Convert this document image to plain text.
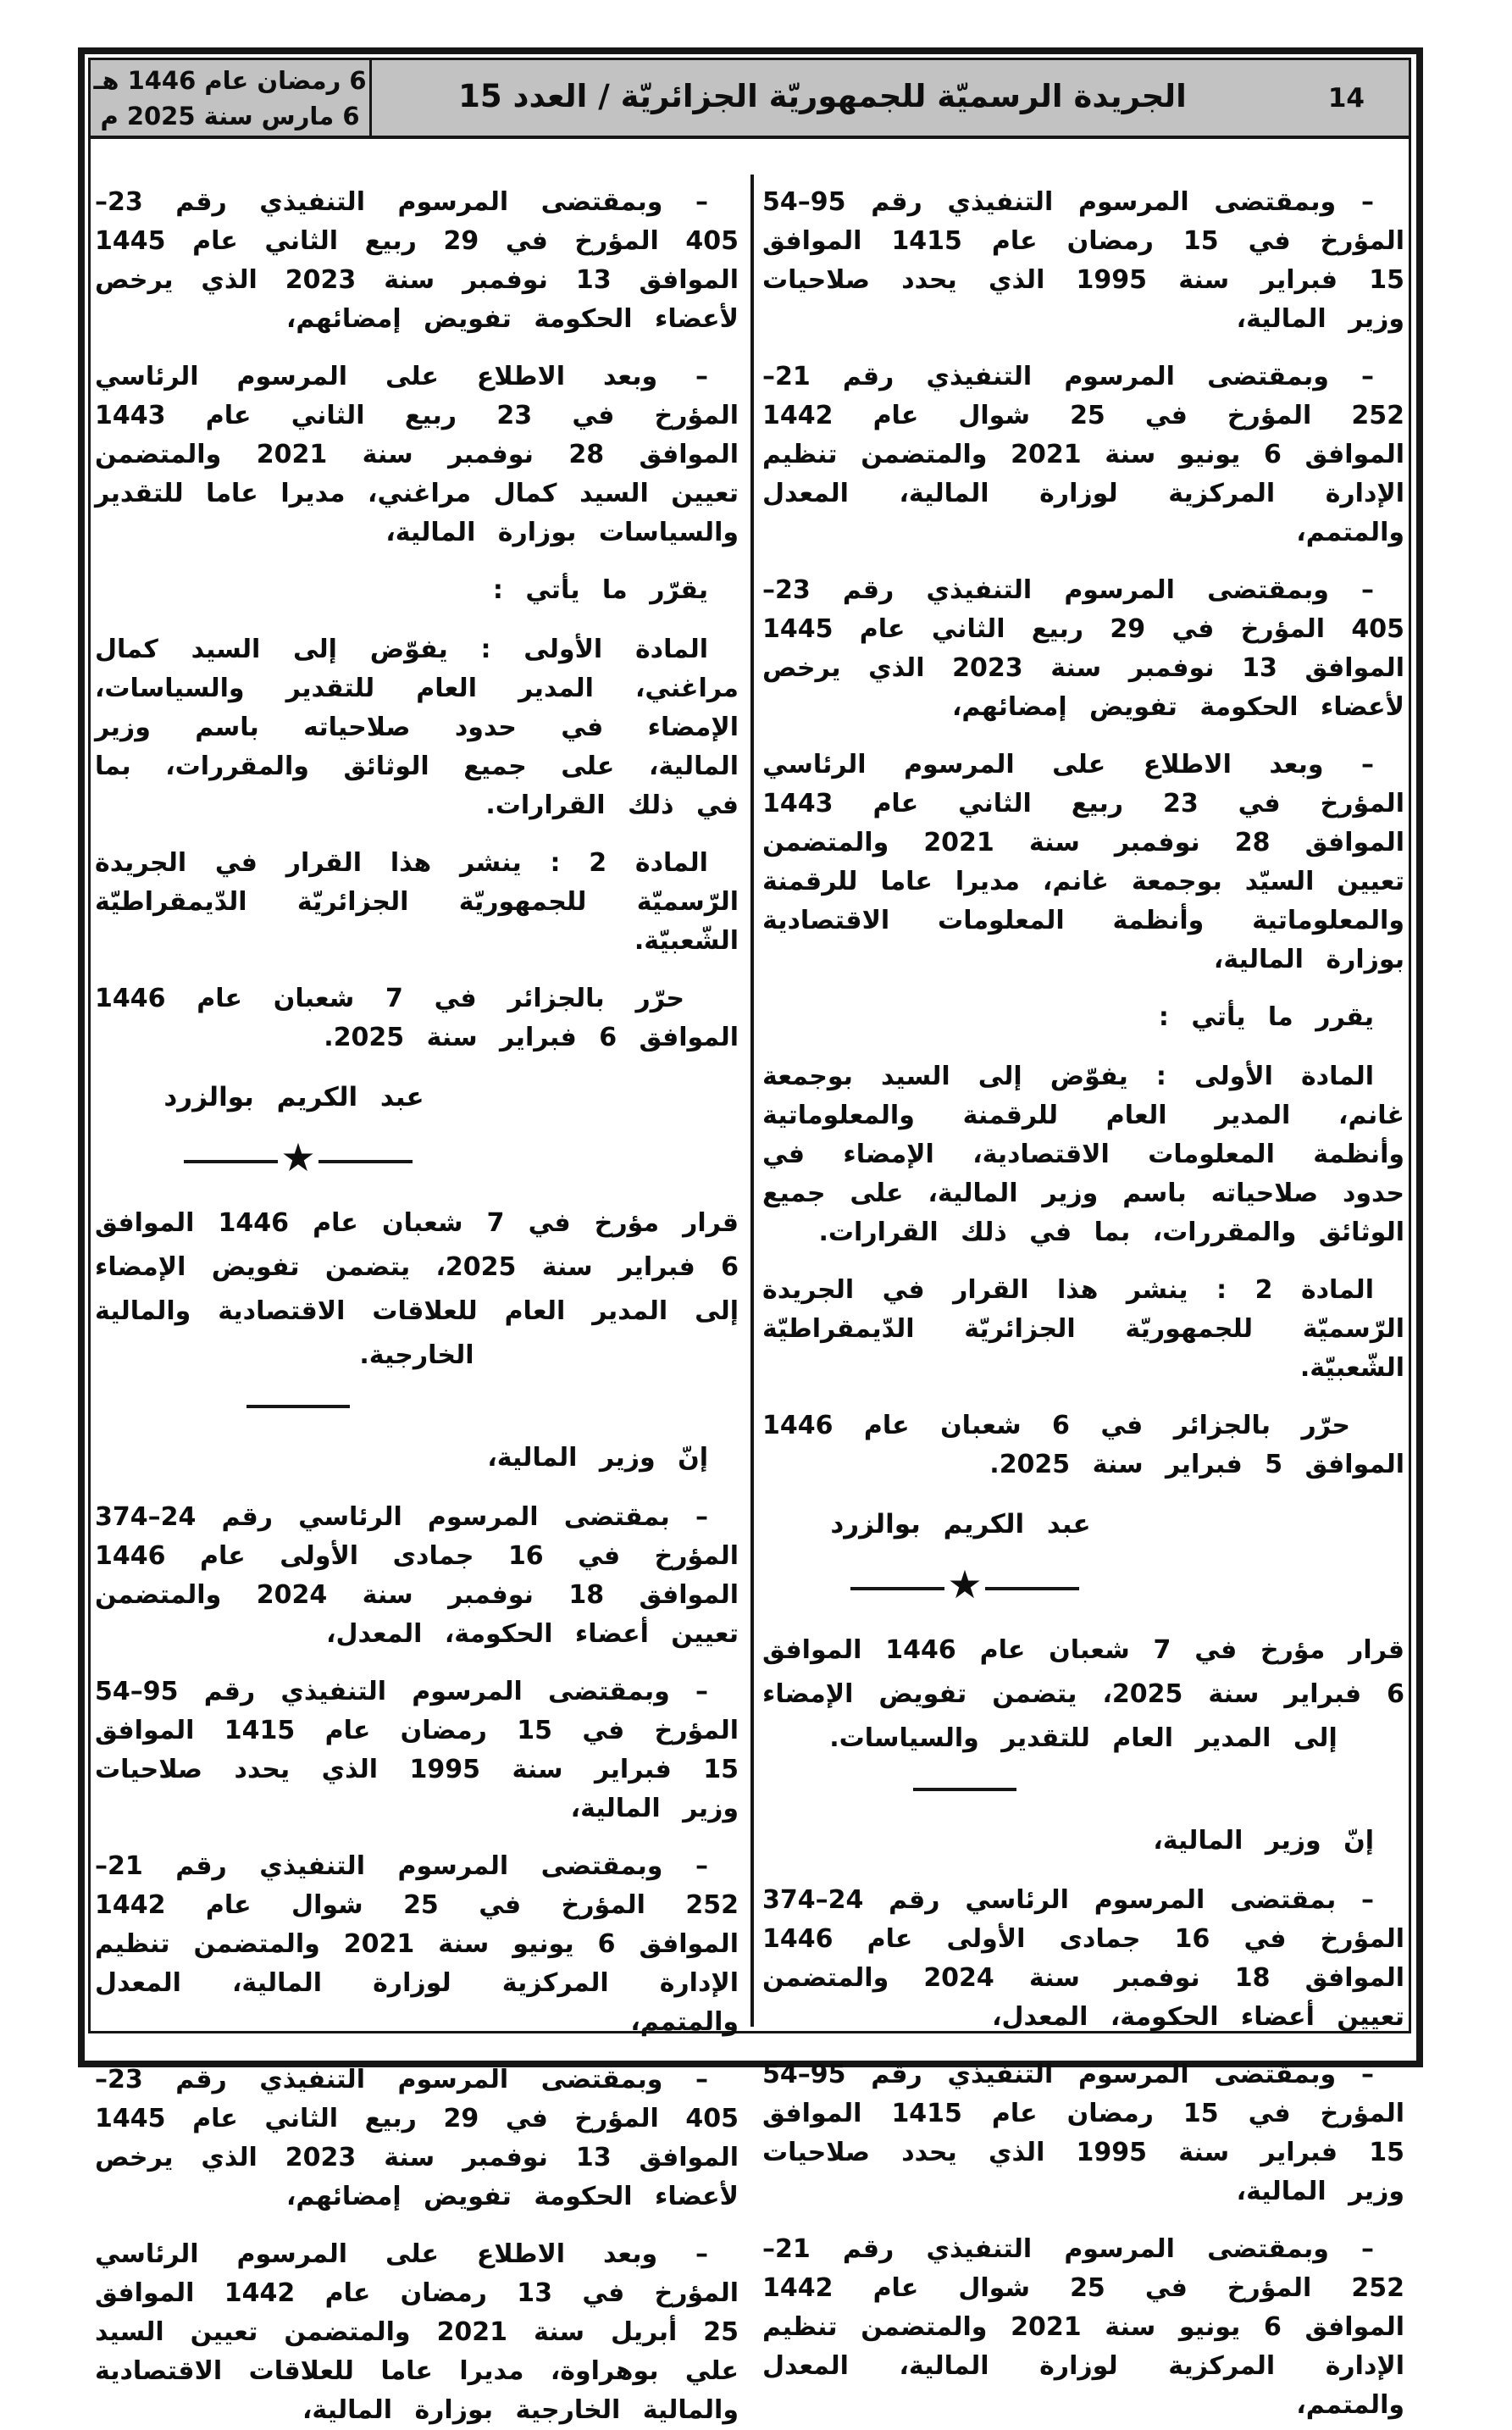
6 رمضان عام 1446 هـ
6 مارس سنة 2025 م
الجريدة الرسميّة للجمهوريّة الجزائريّة / العدد 15	14

– وبمقتضى المرسوم التنفيذي رقم 95–54 المؤرخ في 15 رمضان عام 1415 الموافق 15 فبراير سنة 1995 الذي يحدد صلاحيات وزير المالية،

– وبمقتضى المرسوم التنفيذي رقم 21–252 المؤرخ في 25 شوال عام 1442 الموافق 6 يونيو سنة 2021 والمتضمن تنظيم الإدارة المركزية لوزارة المالية، المعدل والمتمم،

– وبمقتضى المرسوم التنفيذي رقم 23–405 المؤرخ في 29 ربيع الثاني عام 1445 الموافق 13 نوفمبر سنة 2023 الذي يرخص لأعضاء الحكومة تفويض إمضائهم،

– وبعد الاطلاع على المرسوم الرئاسي المؤرخ في 23 ربيع الثاني عام 1443 الموافق 28 نوفمبر سنة 2021 والمتضمن تعيين السيّد بوجمعة غانم، مديرا عاما للرقمنة والمعلوماتية وأنظمة المعلومات الاقتصادية بوزارة المالية،

يقرر ما يأتي :

المادة الأولى : يفوّض إلى السيد بوجمعة غانم، المدير العام للرقمنة والمعلوماتية وأنظمة المعلومات الاقتصادية، الإمضاء في حدود صلاحياته باسم وزير المالية، على جميع الوثائق والمقررات، بما في ذلك القرارات.

المادة 2 : ينشر هذا القرار في الجريدة الرّسميّة للجمهوريّة الجزائريّة الدّيمقراطيّة الشّعبيّة.

حرّر بالجزائر في 6 شعبان عام 1446 الموافق 5 فبراير سنة 2025.

عبد الكريم بوالزرد
★

قرار مؤرخ في 7 شعبان عام 1446 الموافق 6 فبراير سنة 2025، يتضمن تفويض الإمضاء إلى المدير العام للتقدير والسياسات.

إنّ وزير المالية،

– بمقتضى المرسوم الرئاسي رقم 24–374 المؤرخ في 16 جمادى الأولى عام 1446 الموافق 18 نوفمبر سنة 2024 والمتضمن تعيين أعضاء الحكومة، المعدل،

– وبمقتضى المرسوم التنفيذي رقم 95–54 المؤرخ في 15 رمضان عام 1415 الموافق 15 فبراير سنة 1995 الذي يحدد صلاحيات وزير المالية،

– وبمقتضى المرسوم التنفيذي رقم 21–252 المؤرخ في 25 شوال عام 1442 الموافق 6 يونيو سنة 2021 والمتضمن تنظيم الإدارة المركزية لوزارة المالية، المعدل والمتمم،

– وبمقتضى المرسوم التنفيذي رقم 23–405 المؤرخ في 29 ربيع الثاني عام 1445 الموافق 13 نوفمبر سنة 2023 الذي يرخص لأعضاء الحكومة تفويض إمضائهم،

– وبعد الاطلاع على المرسوم الرئاسي المؤرخ في 23 ربيع الثاني عام 1443 الموافق 28 نوفمبر سنة 2021 والمتضمن تعيين السيد كمال مراغني، مديرا عاما للتقدير والسياسات بوزارة المالية،

يقرّر ما يأتي :

المادة الأولى : يفوّض إلى السيد كمال مراغني، المدير العام للتقدير والسياسات، الإمضاء في حدود صلاحياته باسم وزير المالية، على جميع الوثائق والمقررات، بما في ذلك القرارات.

المادة 2 : ينشر هذا القرار في الجريدة الرّسميّة للجمهوريّة الجزائريّة الدّيمقراطيّة الشّعبيّة.

حرّر بالجزائر في 7 شعبان عام 1446 الموافق 6 فبراير سنة 2025.

عبد الكريم بوالزرد
★

قرار مؤرخ في 7 شعبان عام 1446 الموافق 6 فبراير سنة 2025، يتضمن تفويض الإمضاء إلى المدير العام للعلاقات الاقتصادية والمالية الخارجية.

إنّ وزير المالية،

– بمقتضى المرسوم الرئاسي رقم 24–374 المؤرخ في 16 جمادى الأولى عام 1446 الموافق 18 نوفمبر سنة 2024 والمتضمن تعيين أعضاء الحكومة، المعدل،

– وبمقتضى المرسوم التنفيذي رقم 95–54 المؤرخ في 15 رمضان عام 1415 الموافق 15 فبراير سنة 1995 الذي يحدد صلاحيات وزير المالية،

– وبمقتضى المرسوم التنفيذي رقم 21–252 المؤرخ في 25 شوال عام 1442 الموافق 6 يونيو سنة 2021 والمتضمن تنظيم الإدارة المركزية لوزارة المالية، المعدل والمتمم،

– وبمقتضى المرسوم التنفيذي رقم 23–405 المؤرخ في 29 ربيع الثاني عام 1445 الموافق 13 نوفمبر سنة 2023 الذي يرخص لأعضاء الحكومة تفويض إمضائهم،

– وبعد الاطلاع على المرسوم الرئاسي المؤرخ في 13 رمضان عام 1442 الموافق 25 أبريل سنة 2021 والمتضمن تعيين السيد علي بوهراوة، مديرا عاما للعلاقات الاقتصادية والمالية الخارجية بوزارة المالية،
